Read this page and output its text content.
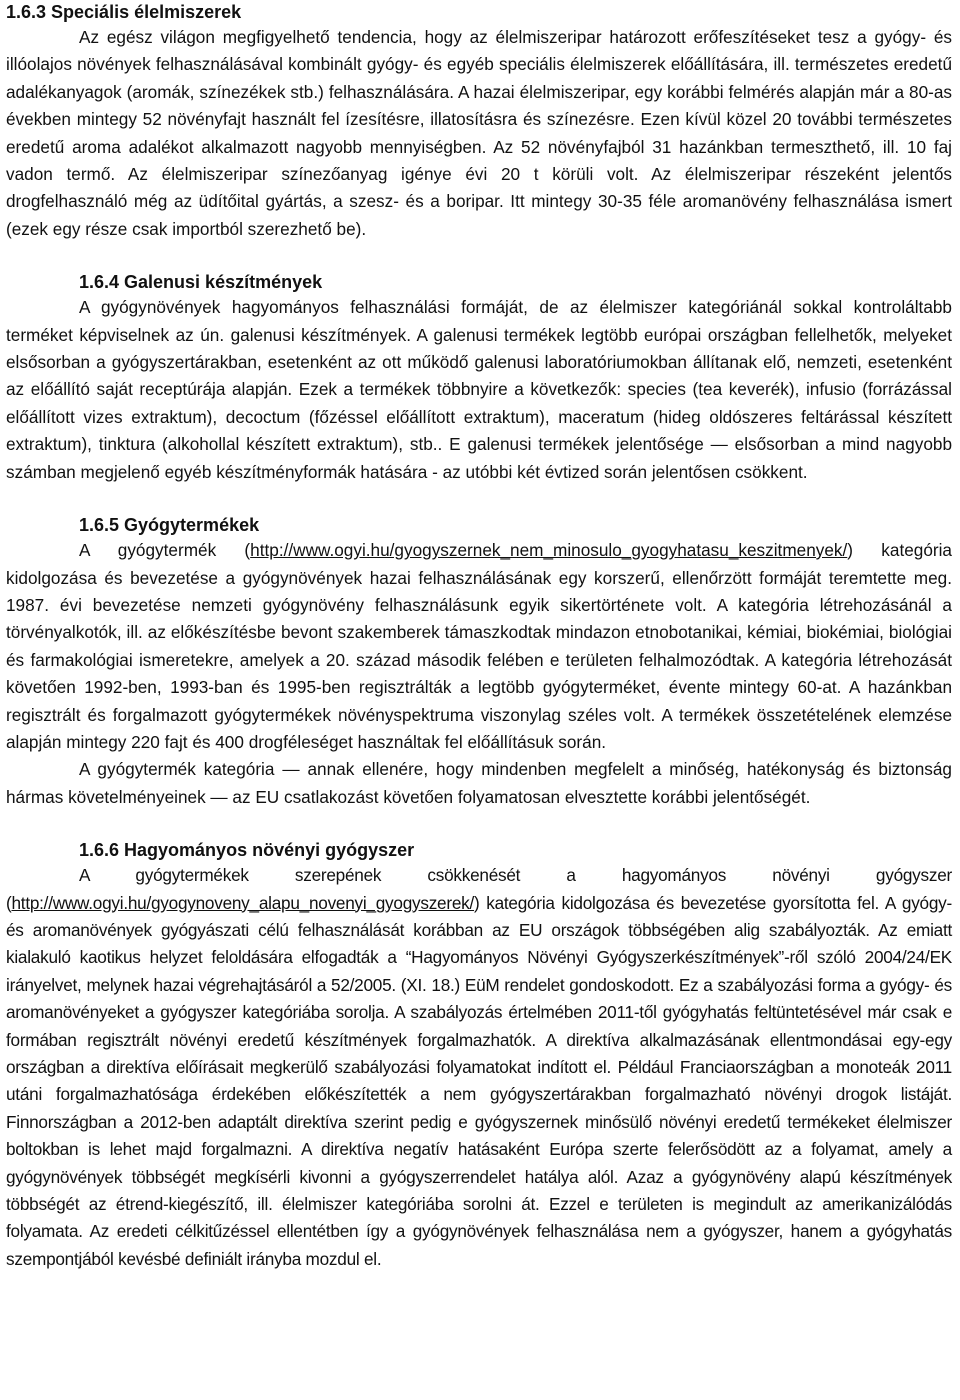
1.6.3 Speciális élelmiszerek

Az egész világon megfigyelhető tendencia, hogy az élelmiszeripar határozott erőfeszítéseket tesz a gyógy- és illóolajos növények felhasználásával kombinált gyógy- és egyéb speciális élelmiszerek előállítására, ill. természetes eredetű adalékanyagok (aromák, színezékek stb.) felhasználására. A hazai élelmiszeripar, egy korábbi felmérés alapján már a 80-as években mintegy 52 növényfajt használt fel ízesítésre, illatosításra és színezésre. Ezen kívül közel 20 további természetes eredetű aroma adalékot alkalmazott nagyobb mennyiségben. Az 52 növényfajból 31 hazánkban termeszthető, ill. 10 faj vadon termő. Az élelmiszeripar színezőanyag igénye évi 20 t körüli volt. Az élelmiszeripar részeként jelentős drogfelhasználó még az üdítőital gyártás, a szesz- és a boripar. Itt mintegy 30-35 féle aromanövény felhasználása ismert (ezek egy része csak importból szerezhető be).

1.6.4 Galenusi készítmények

A gyógynövények hagyományos felhasználási formáját, de az élelmiszer kategóriánál sokkal kontroláltabb terméket képviselnek az ún. galenusi készítmények. A galenusi termékek legtöbb európai országban fellelhetők, melyeket elsősorban a gyógyszertárakban, esetenként az ott működő galenusi laboratóriumokban állítanak elő, nemzeti, esetenként az előállító saját receptúrája alapján. Ezek a termékek többnyire a következők: species (tea keverék), infusio (forrázással előállított vizes extraktum), decoctum (főzéssel előállított extraktum), maceratum (hideg oldószeres feltárással készített extraktum), tinktura (alkohollal készített extraktum), stb.. E galenusi termékek jelentősége — elsősorban a mind nagyobb számban megjelenő egyéb készítményformák hatására - az utóbbi két évtized során jelentősen csökkent.

1.6.5 Gyógytermékek

A gyógytermék (http://www.ogyi.hu/gyogyszernek_nem_minosulo_gyogyhatasu_keszitmenyek/) kategória kidolgozása és bevezetése a gyógynövények hazai felhasználásának egy korszerű, ellenőrzött formáját teremtette meg. 1987. évi bevezetése nemzeti gyógynövény felhasználásunk egyik sikertörténete volt. A kategória létrehozásánál a törvényalkotók, ill. az előkészítésbe bevont szakemberek támaszkodtak mindazon etnobotanikai, kémiai, biokémiai, biológiai és farmakológiai ismeretekre, amelyek a 20. század második felében e területen felhalmozódtak. A kategória létrehozását követően 1992-ben, 1993-ban és 1995-ben regisztrálták a legtöbb gyógyterméket, évente mintegy 60-at. A hazánkban regisztrált és forgalmazott gyógytermékek növényspektruma viszonylag széles volt. A termékek összetételének elemzése alapján mintegy 220 fajt és 400 drogféleséget használtak fel előállításuk során.

A gyógytermék kategória — annak ellenére, hogy mindenben megfelelt a minőség, hatékonyság és biztonság hármas követelményeinek — az EU csatlakozást követően folyamatosan elvesztette korábbi jelentőségét.

1.6.6 Hagyományos növényi gyógyszer

A gyógytermékek szerepének csökkenését a hagyományos növényi gyógyszer (http://www.ogyi.hu/gyogynoveny_alapu_novenyi_gyogyszerek/) kategória kidolgozása és bevezetése gyorsította fel. A gyógy- és aromanövények gyógyászati célú felhasználását korábban az EU országok többségében alig szabályozták. Az emiatt kialakuló kaotikus helyzet feloldására elfogadták a “Hagyományos Növényi Gyógyszerkészítmények”-ről szóló 2004/24/EK irányelvet, melynek hazai végrehajtásáról a 52/2005. (XI. 18.) EüM rendelet gondoskodott. Ez a szabályozási forma a gyógy- és aromanövényeket a gyógyszer kategóriába sorolja. A szabályozás értelmében 2011-től gyógyhatás feltüntetésével már csak e formában regisztrált növényi eredetű készítmények forgalmazhatók. A direktíva alkalmazásának ellentmondásai egy-egy országban a direktíva előírásait megkerülő szabályozási folyamatokat indított el. Például Franciaországban a monoteák 2011 utáni forgalmazhatósága érdekében előkészítették a nem gyógyszertárakban forgalmazható növényi drogok listáját. Finnországban a 2012-ben adaptált direktíva szerint pedig e gyógyszernek minősülő növényi eredetű termékeket élelmiszer boltokban is lehet majd forgalmazni. A direktíva negatív hatásaként Európa szerte felerősödött az a folyamat, amely a gyógynövények többségét megkísérli kivonni a gyógyszerrendelet hatálya alól. Azaz a gyógynövény alapú készítmények többségét az étrend-kiegészítő, ill. élelmiszer kategóriába sorolni át. Ezzel e területen is megindult az amerikanizálódás folyamata. Az eredeti célkitűzéssel ellentétben így a gyógynövények felhasználása nem a gyógyszer, hanem a gyógyhatás szempontjából kevésbé definiált irányba mozdul el.
